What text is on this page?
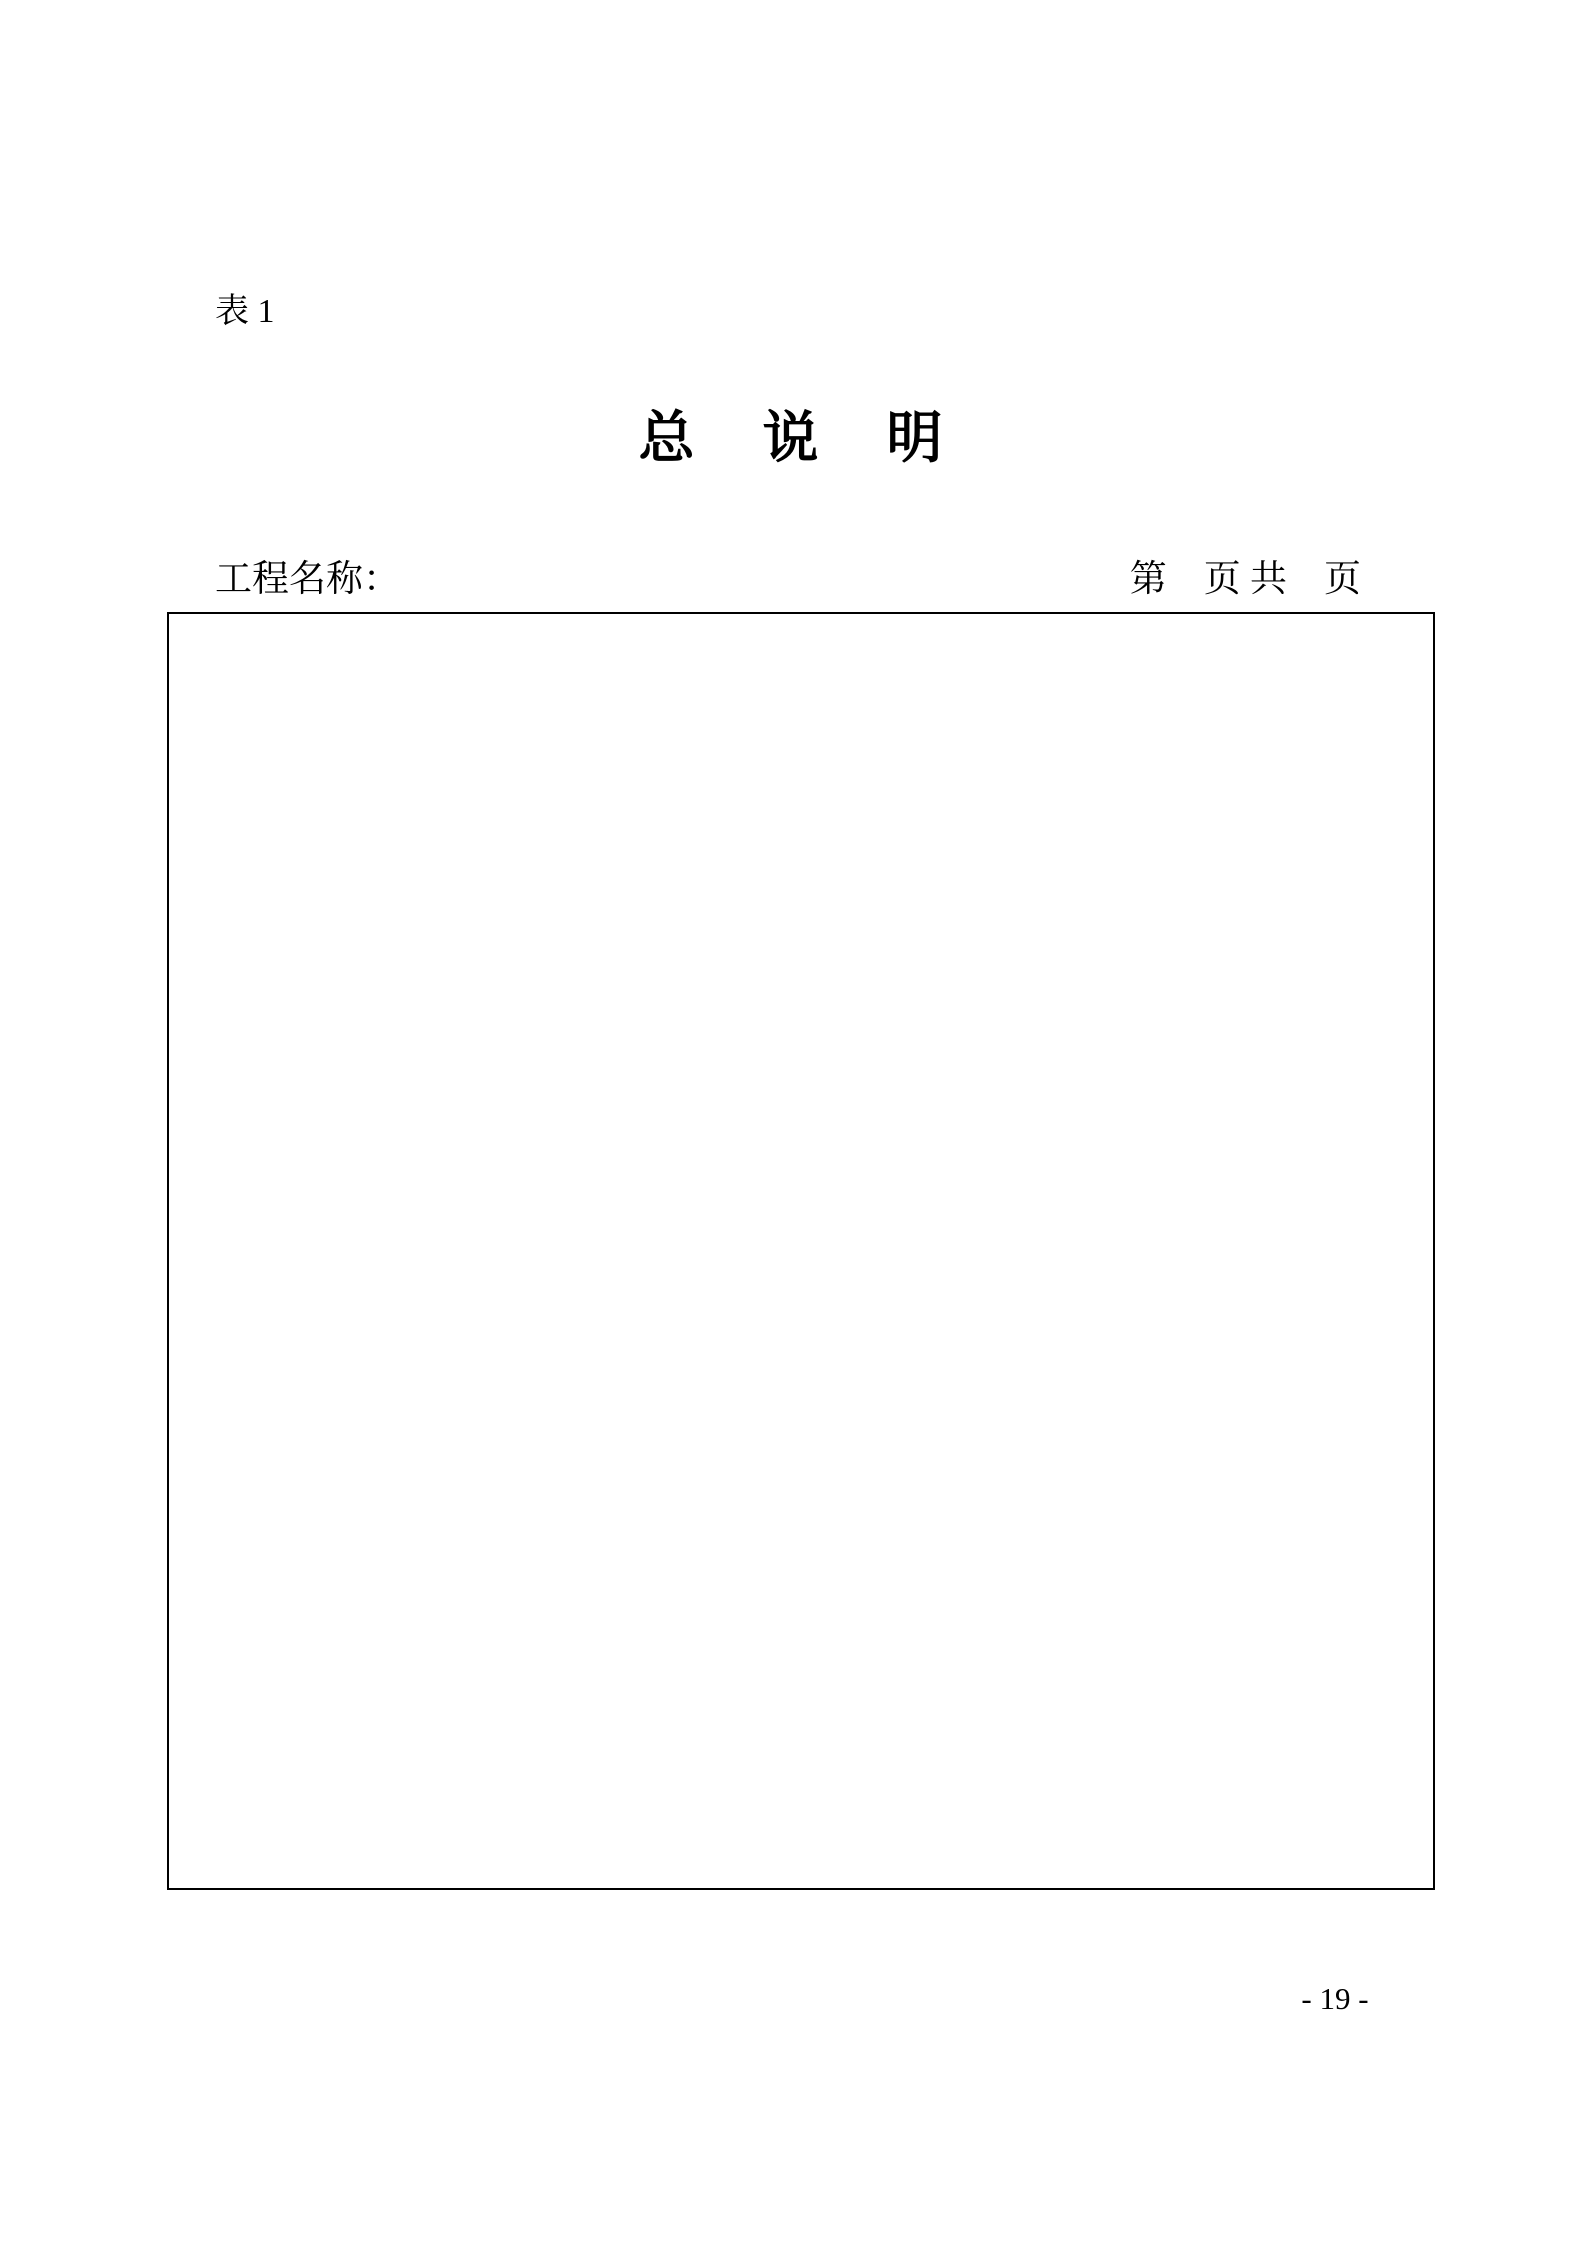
表 1
总　说　明
工程名称：	第　页 共　页
- 19 -
